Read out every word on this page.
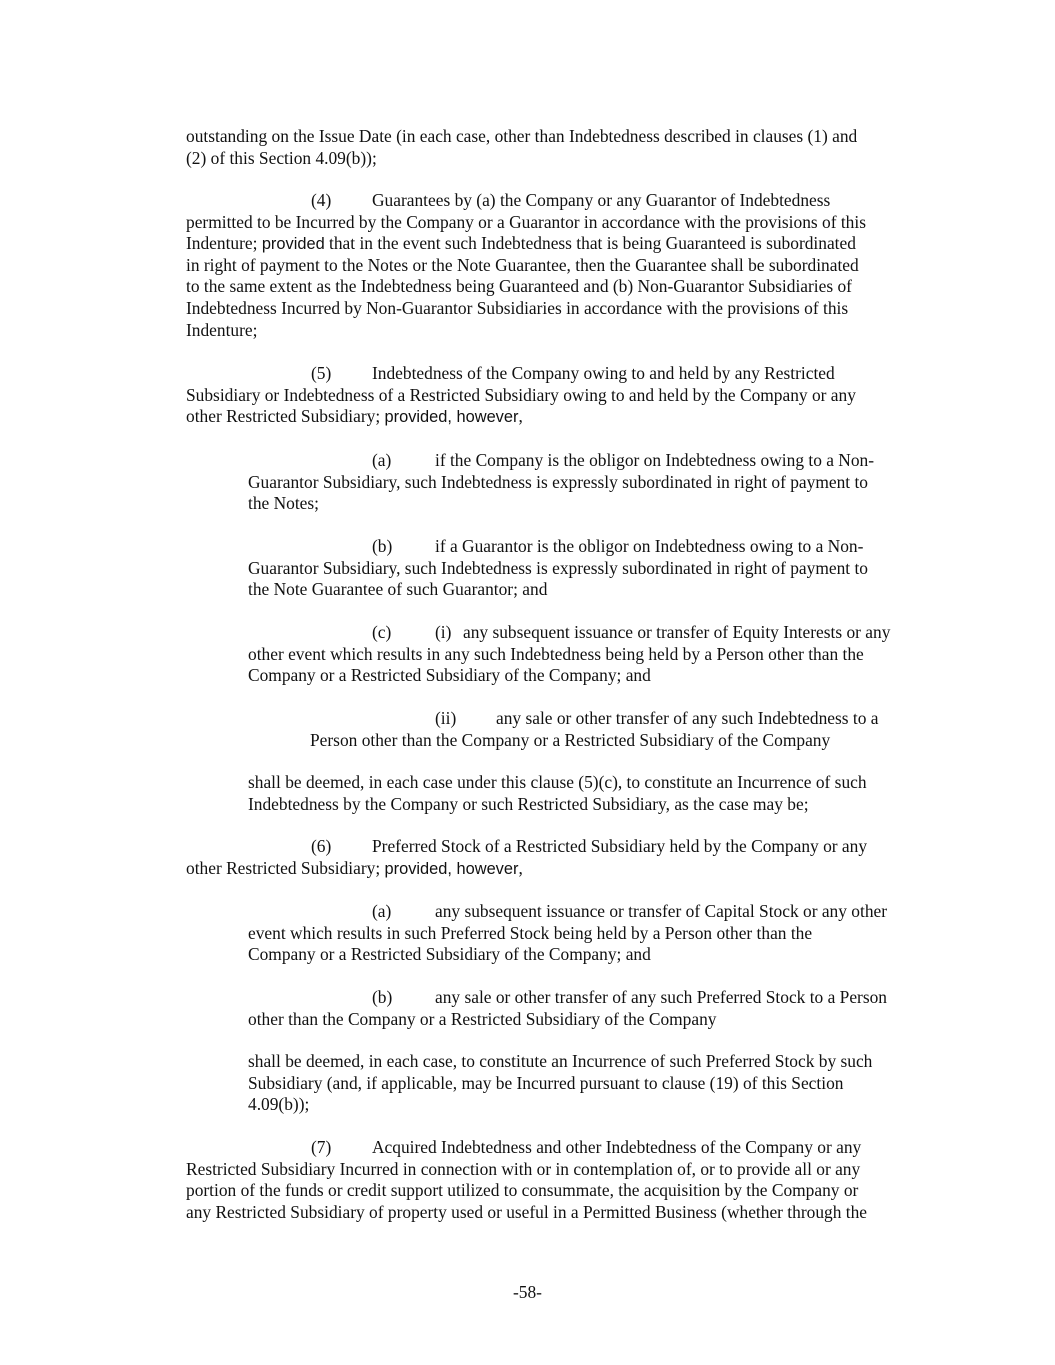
outstanding on the Issue Date (in each case, other than Indebtedness described in clauses (1) and
(2) of this Section 4.09(b));
(4) Guarantees by (a) the Company or any Guarantor of Indebtedness
permitted to be Incurred by the Company or a Guarantor in accordance with the provisions of this
Indenture; provided that in the event such Indebtedness that is being Guaranteed is subordinated
in right of payment to the Notes or the Note Guarantee, then the Guarantee shall be subordinated
to the same extent as the Indebtedness being Guaranteed and (b) Non-Guarantor Subsidiaries of
Indebtedness Incurred by Non-Guarantor Subsidiaries in accordance with the provisions of this
Indenture;
(5) Indebtedness of the Company owing to and held by any Restricted
Subsidiary or Indebtedness of a Restricted Subsidiary owing to and held by the Company or any
other Restricted Subsidiary; provided, however,
(a)	if the Company is the obligor on Indebtedness owing to a Non-
Guarantor Subsidiary, such Indebtedness is expressly subordinated in right of payment to
the Notes;
(b) if a Guarantor is the obligor on Indebtedness owing to a Non-
Guarantor Subsidiary, such Indebtedness is expressly subordinated in right of payment to
the Note Guarantee of such Guarantor; and
(c)	(i) any subsequent issuance or transfer of Equity Interests or any
other event which results in any such Indebtedness being held by a Person other than the
Company or a Restricted Subsidiary of the Company; and
(ii) any sale or other transfer of any such Indebtedness to a
Person other than the Company or a Restricted Subsidiary of the Company
shall be deemed, in each case under this clause (5)(c), to constitute an Incurrence of such
Indebtedness by the Company or such Restricted Subsidiary, as the case may be;
(6) Preferred Stock of a Restricted Subsidiary held by the Company or any
other Restricted Subsidiary; provided, however,
(a)	any subsequent issuance or transfer of Capital Stock or any other
event which results in such Preferred Stock being held by a Person other than the
Company or a Restricted Subsidiary of the Company; and
(b) any sale or other transfer of any such Preferred Stock to a Person
other than the Company or a Restricted Subsidiary of the Company
shall be deemed, in each case, to constitute an Incurrence of such Preferred Stock by such
Subsidiary (and, if applicable, may be Incurred pursuant to clause (19) of this Section
4.09(b));
(7) Acquired Indebtedness and other Indebtedness of the Company or any
Restricted Subsidiary Incurred in connection with or in contemplation of, or to provide all or any
portion of the funds or credit support utilized to consummate, the acquisition by the Company or
any Restricted Subsidiary of property used or useful in a Permitted Business (whether through the
-58-
